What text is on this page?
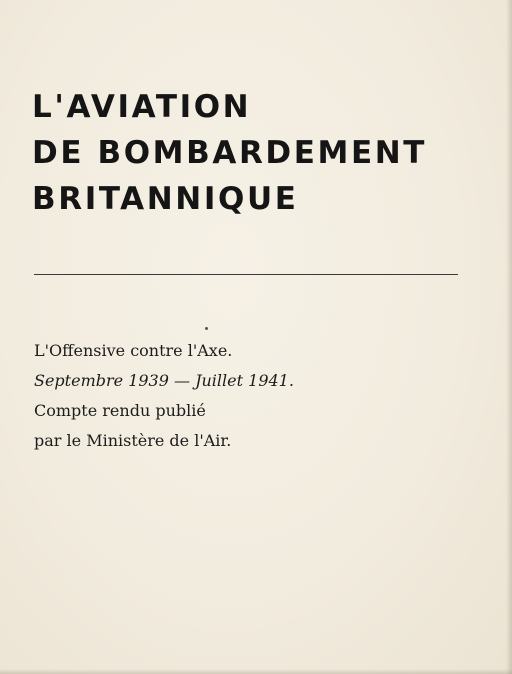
L'AVIATION
DE BOMBARDEMENT
BRITANNIQUE
L'Offensive contre l'Axe.
Septembre 1939 — Juillet 1941.
Compte rendu publié
par le Ministère de l'Air.
